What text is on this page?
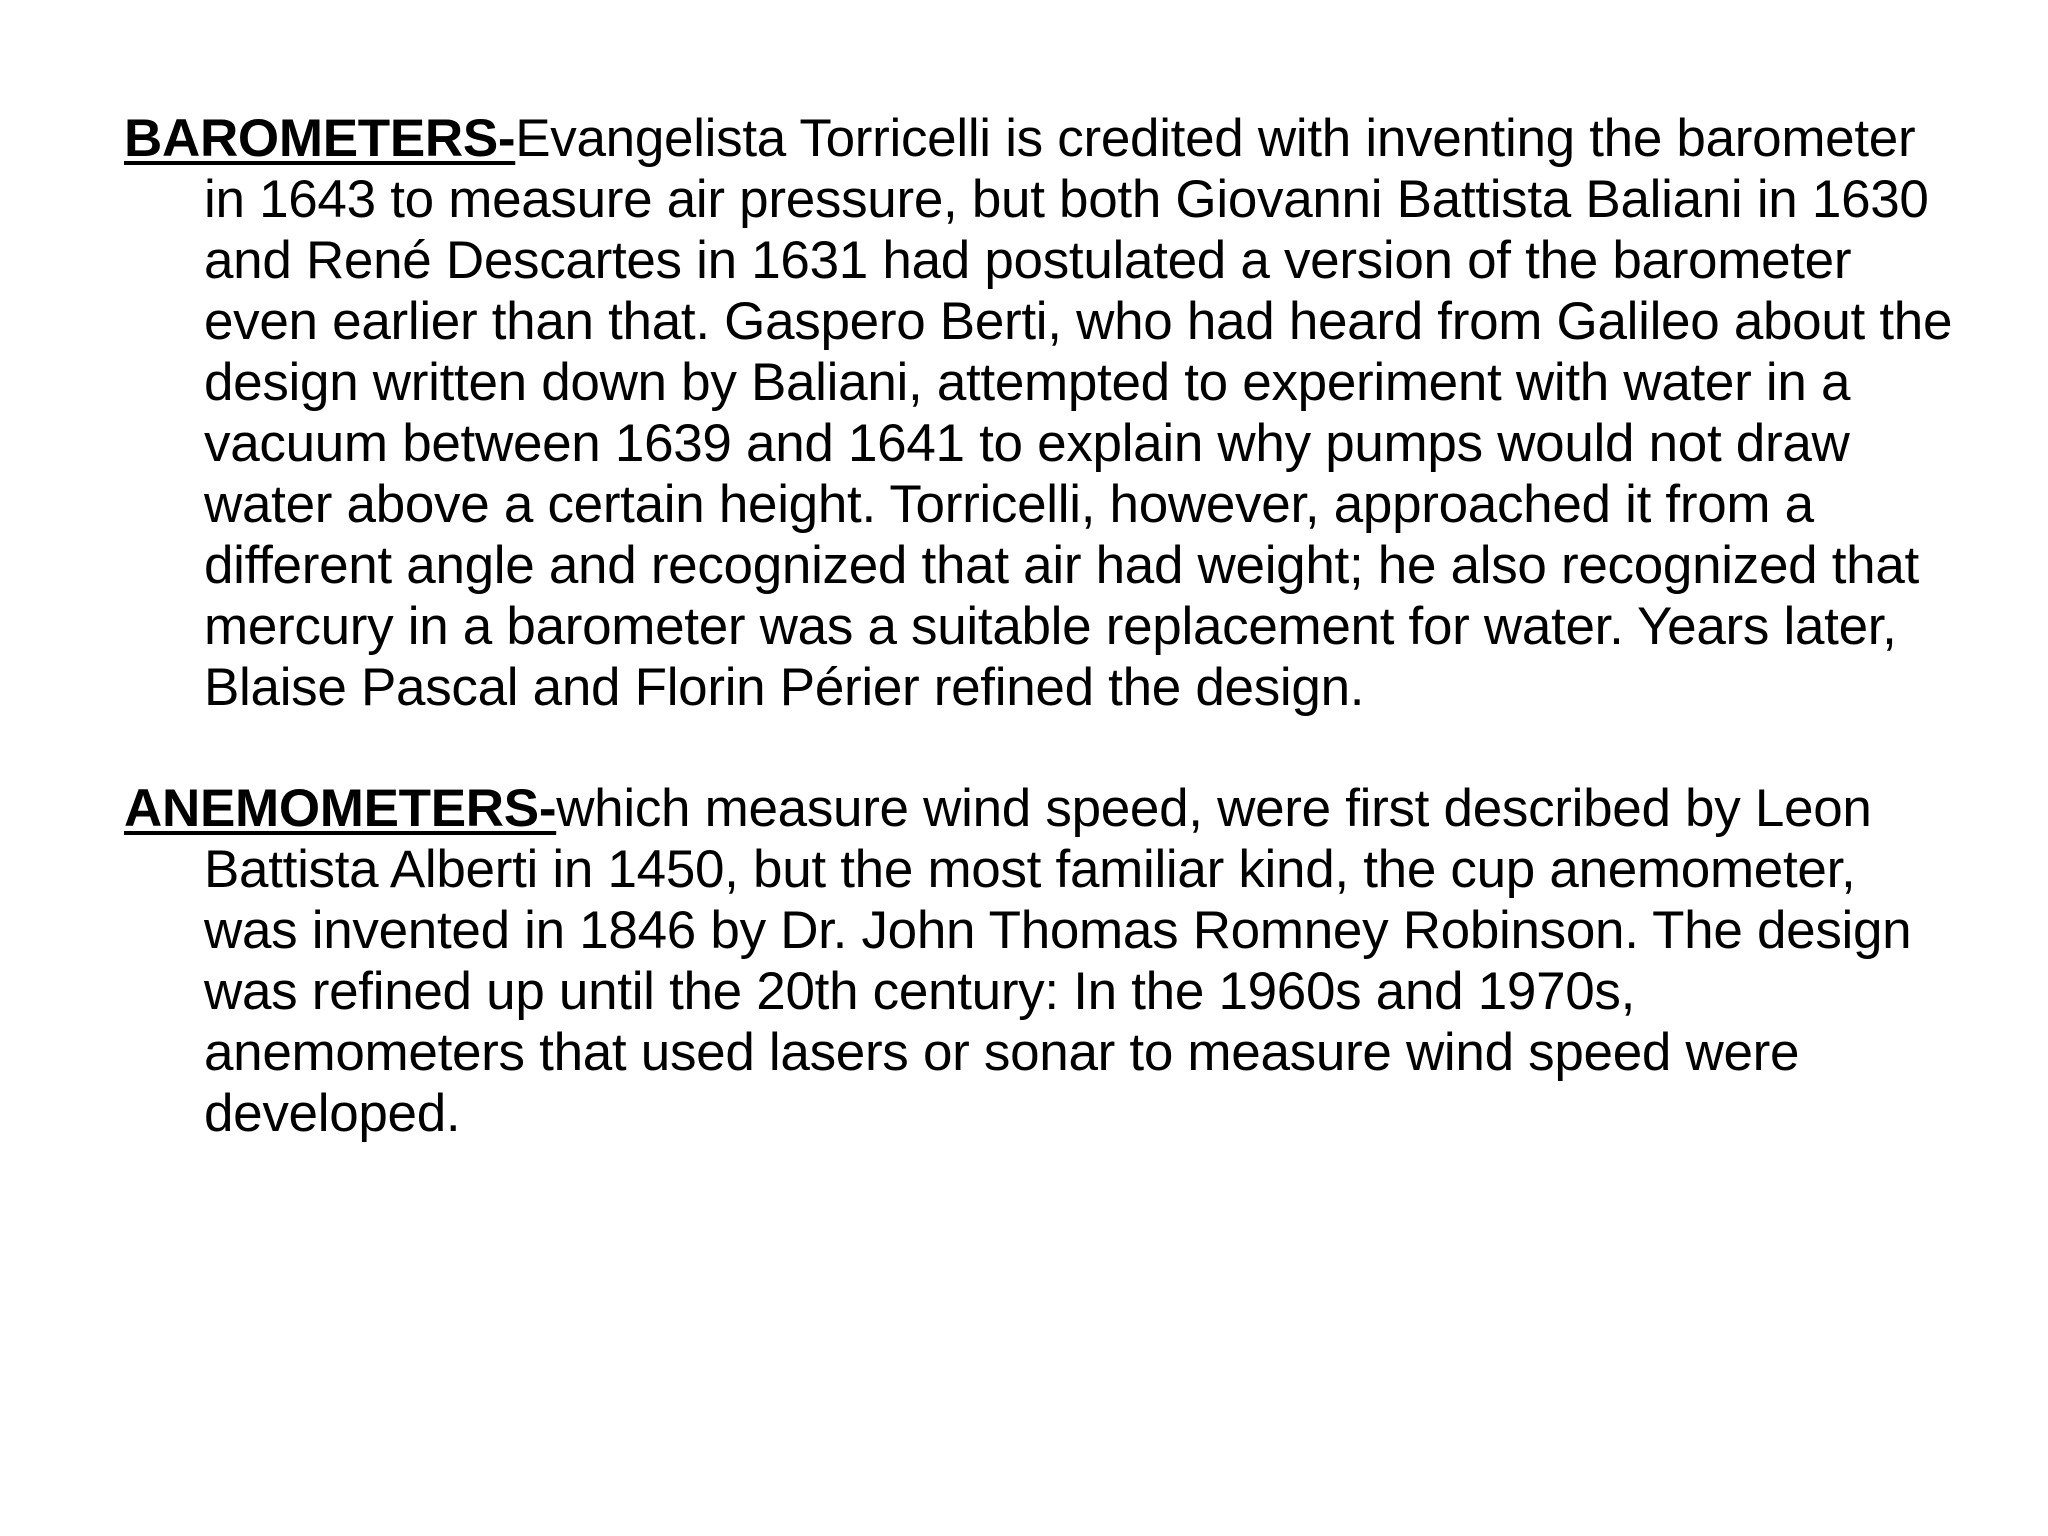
BAROMETERS-Evangelista Torricelli is credited with inventing the barometer in 1643 to measure air pressure, but both Giovanni Battista Baliani in 1630 and René Descartes in 1631 had postulated a version of the barometer even earlier than that. Gaspero Berti, who had heard from Galileo about the design written down by Baliani, attempted to experiment with water in a vacuum between 1639 and 1641 to explain why pumps would not draw water above a certain height. Torricelli, however, approached it from a different angle and recognized that air had weight; he also recognized that mercury in a barometer was a suitable replacement for water. Years later, Blaise Pascal and Florin Périer refined the design.

ANEMOMETERS-which measure wind speed, were first described by Leon Battista Alberti in 1450, but the most familiar kind, the cup anemometer, was invented in 1846 by Dr. John Thomas Romney Robinson. The design was refined up until the 20th century: In the 1960s and 1970s, anemometers that used lasers or sonar to measure wind speed were developed.
